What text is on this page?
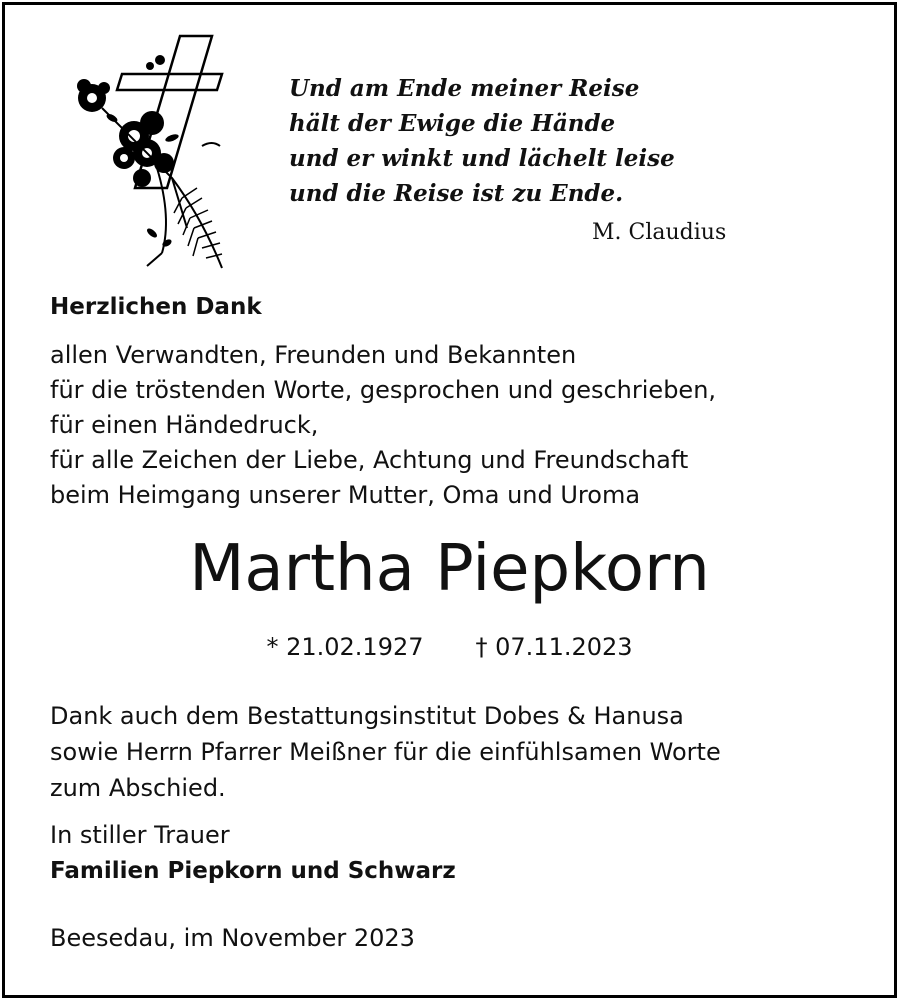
Und am Ende meiner Reise
hält der Ewige die Hände
und er winkt und lächelt leise
und die Reise ist zu Ende.
M. Claudius
Herzlichen Dank
allen Verwandten, Freunden und Bekannten
für die tröstenden Worte, gesprochen und geschrieben,
für einen Händedruck,
für alle Zeichen der Liebe, Achtung und Freundschaft
beim Heimgang unserer Mutter, Oma und Uroma
Martha Piepkorn
* 21.02.1927 † 07.11.2023
Dank auch dem Bestattungsinstitut Dobes & Hanusa
sowie Herrn Pfarrer Meißner für die einfühlsamen Worte
zum Abschied.
In stiller Trauer
Familien Piepkorn und Schwarz
Beesedau, im November 2023
